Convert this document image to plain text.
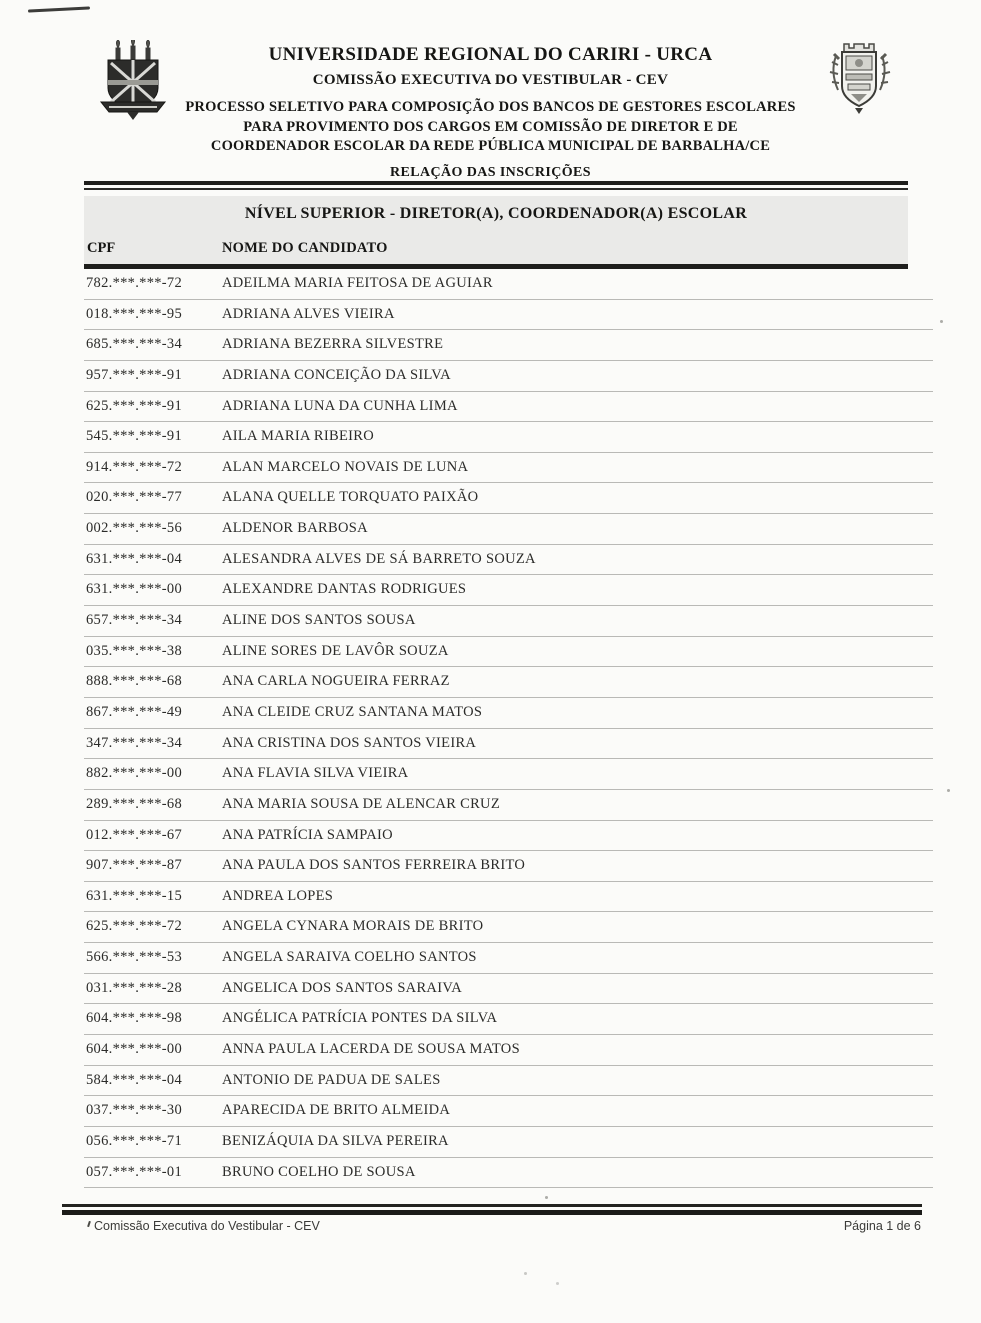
UNIVERSIDADE REGIONAL DO CARIRI - URCA
COMISSÃO EXECUTIVA DO VESTIBULAR - CEV
PROCESSO SELETIVO PARA COMPOSIÇÃO DOS BANCOS DE GESTORES ESCOLARES
PARA PROVIMENTO DOS CARGOS EM COMISSÃO DE DIRETOR E DE
COORDENADOR ESCOLAR DA REDE PÚBLICA MUNICIPAL DE BARBALHA/CE
RELAÇÃO DAS INSCRIÇÕES
NÍVEL SUPERIOR - DIRETOR(A), COORDENADOR(A) ESCOLAR
CPF	NOME DO CANDIDATO
782.***.***-72	ADEILMA MARIA FEITOSA DE AGUIAR
018.***.***-95	ADRIANA ALVES VIEIRA
685.***.***-34	ADRIANA BEZERRA SILVESTRE
957.***.***-91	ADRIANA CONCEIÇÃO DA SILVA
625.***.***-91	ADRIANA LUNA DA CUNHA LIMA
545.***.***-91	AILA MARIA RIBEIRO
914.***.***-72	ALAN MARCELO NOVAIS DE LUNA
020.***.***-77	ALANA QUELLE TORQUATO PAIXÃO
002.***.***-56	ALDENOR BARBOSA
631.***.***-04	ALESANDRA ALVES DE SÁ BARRETO SOUZA
631.***.***-00	ALEXANDRE DANTAS RODRIGUES
657.***.***-34	ALINE DOS SANTOS SOUSA
035.***.***-38	ALINE SORES DE LAVÔR SOUZA
888.***.***-68	ANA CARLA NOGUEIRA FERRAZ
867.***.***-49	ANA CLEIDE CRUZ SANTANA MATOS
347.***.***-34	ANA CRISTINA DOS SANTOS VIEIRA
882.***.***-00	ANA FLAVIA SILVA VIEIRA
289.***.***-68	ANA MARIA SOUSA DE ALENCAR CRUZ
012.***.***-67	ANA PATRÍCIA SAMPAIO
907.***.***-87	ANA PAULA DOS SANTOS FERREIRA BRITO
631.***.***-15	ANDREA LOPES
625.***.***-72	ANGELA CYNARA MORAIS DE BRITO
566.***.***-53	ANGELA SARAIVA COELHO SANTOS
031.***.***-28	ANGELICA DOS SANTOS SARAIVA
604.***.***-98	ANGÉLICA PATRÍCIA PONTES DA SILVA
604.***.***-00	ANNA PAULA LACERDA DE SOUSA MATOS
584.***.***-04	ANTONIO DE PADUA DE SALES
037.***.***-30	APARECIDA DE BRITO ALMEIDA
056.***.***-71	BENIZÁQUIA DA SILVA PEREIRA
057.***.***-01	BRUNO COELHO DE SOUSA
Comissão Executiva do Vestibular - CEV	Página 1 de 6
